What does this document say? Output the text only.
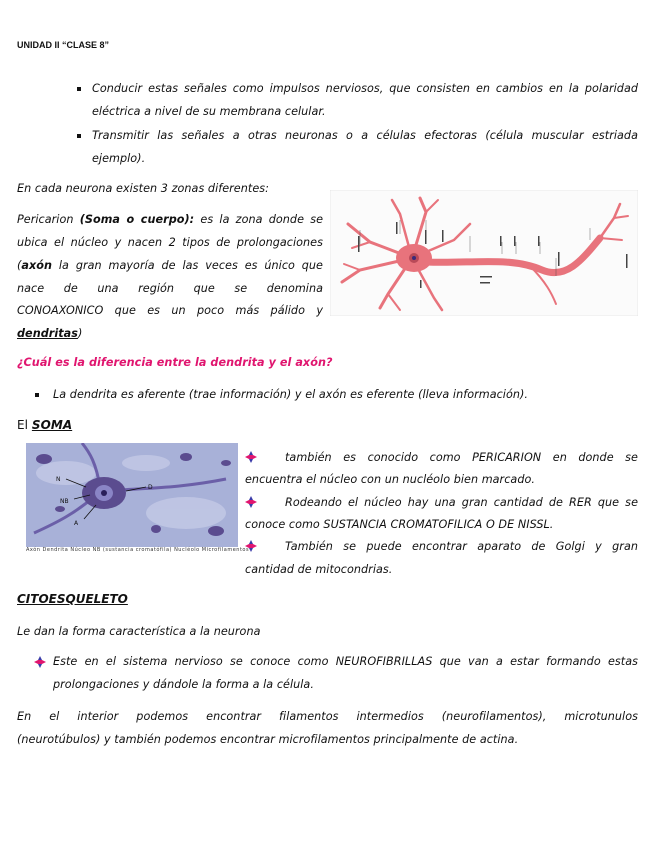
UNIDAD II “CLASE 8”
Conducir estas señales como impulsos nerviosos, que consisten en cambios en la polaridad
eléctrica a nivel de su membrana celular.
Transmitir las señales a otras neuronas o a células efectoras (célula muscular estriada
ejemplo).
En cada neurona existen 3 zonas diferentes:
Pericarion (Soma o cuerpo): es la zona donde se
ubica el núcleo y nacen 2 tipos de prolongaciones
(axón la gran mayoría de las veces es único que
nace de una región que se denomina
CONOAXONICO que es un poco más pálido y
dendritas)
¿Cuál es la diferencia entre la dendrita y el axón?
La dendrita es aferente (trae información) y el axón es eferente (lleva información).
El SOMA
NB
A
D
N
Axón Dendrita Núcleo NB (sustancia cromatófila) Nucléolo Microfilamentos
también es conocido como PERICARION en donde se
encuentra el núcleo con un nucléolo bien marcado.
Rodeando el núcleo hay una gran cantidad de RER que se
conoce como SUSTANCIA CROMATOFILICA O DE NISSL.
También se puede encontrar aparato de Golgi y gran
cantidad de mitocondrias.
CITOESQUELETO
Le dan la forma característica a la neurona
Este en el sistema nervioso se conoce como NEUROFIBRILLAS que van a estar formando estas
prolongaciones y dándole la forma a la célula.
En el interior podemos encontrar filamentos intermedios (neurofilamentos), microtunulos
(neurotúbulos) y también podemos encontrar microfilamentos principalmente de actina.
